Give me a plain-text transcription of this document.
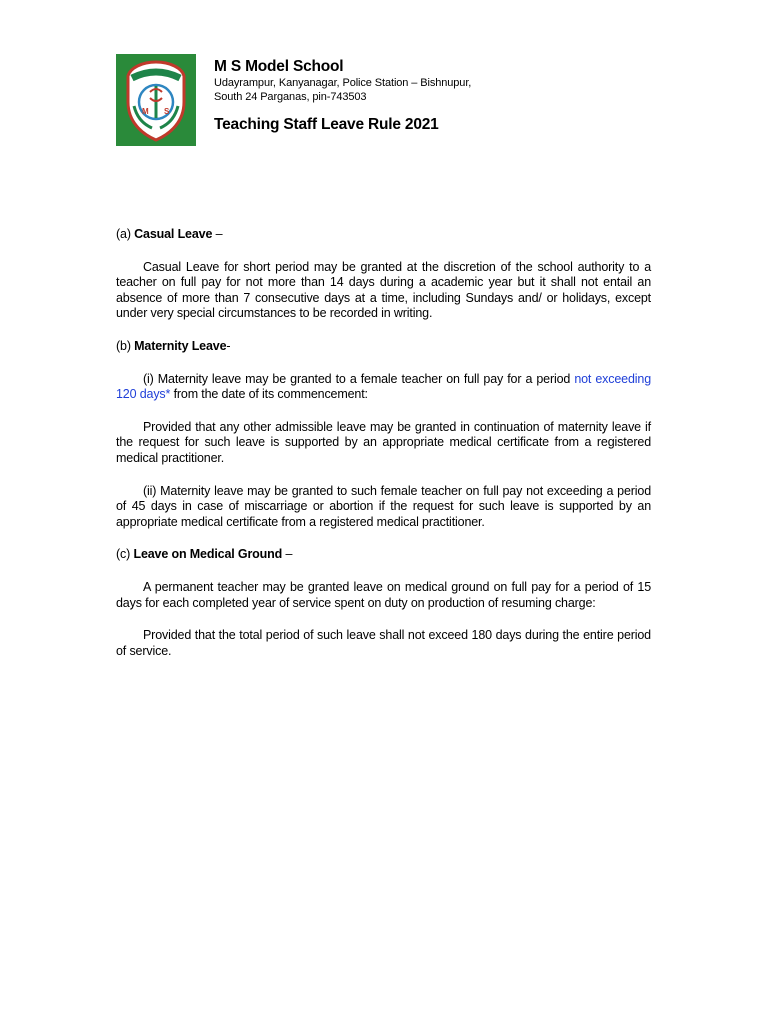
M S
M S Model School
Udayrampur, Kanyanagar, Police Station – Bishnupur,
South 24 Parganas, pin-743503
Teaching Staff Leave Rule 2021

(a) Casual Leave –

Casual Leave for short period may be granted at the discretion of the school authority to a teacher on full pay for not more than 14 days during a academic year but it shall not entail an absence of more than 7 consecutive days at a time, including Sundays and/ or holidays, except under very special circumstances to be recorded in writing.

(b) Maternity Leave-

(i) Maternity leave may be granted to a female teacher on full pay for a period not exceeding 120 days* from the date of its commencement:

Provided that any other admissible leave may be granted in continuation of maternity leave if the request for such leave is supported by an appropriate medical certificate from a registered medical practitioner.

(ii) Maternity leave may be granted to such female teacher on full pay not exceeding a period of 45 days in case of miscarriage or abortion if the request for such leave is supported by an appropriate medical certificate from a registered medical practitioner.

(c) Leave on Medical Ground –

A permanent teacher may be granted leave on medical ground on full pay for a period of 15 days for each completed year of service spent on duty on production of resuming charge:

Provided that the total period of such leave shall not exceed 180 days during the entire period of service.
